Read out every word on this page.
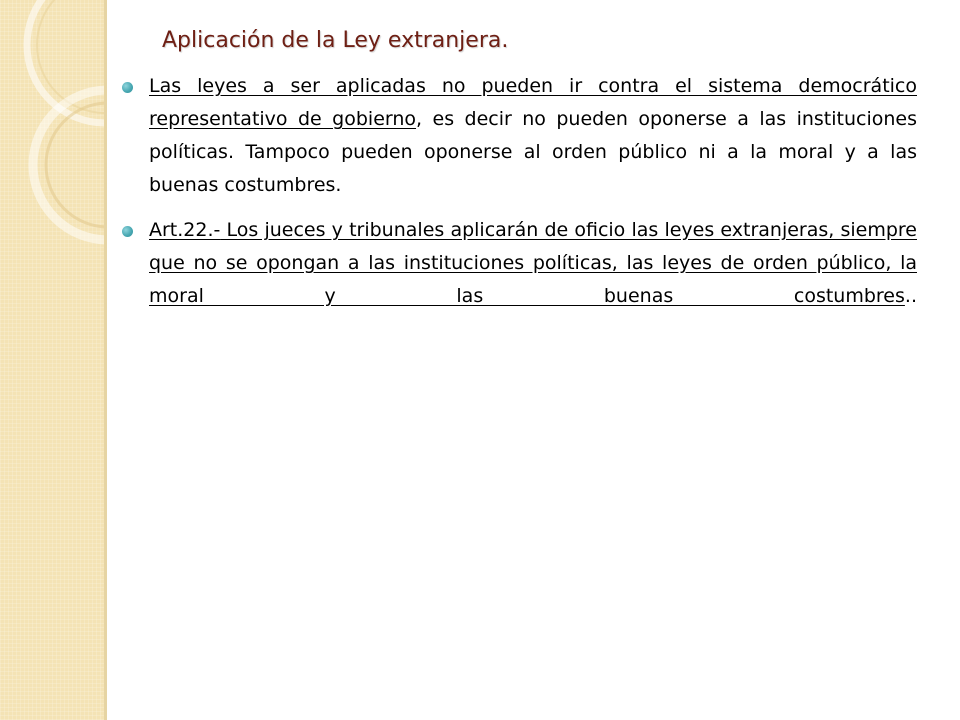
Aplicación de la Ley extranjera.

Las leyes a ser aplicadas no pueden ir contra el sistema democrático representativo de gobierno, es decir no pueden oponerse a las instituciones políticas. Tampoco pueden oponerse al orden público ni a la moral y a las buenas costumbres.

Art.22.- Los jueces y tribunales aplicarán de oficio las leyes extranjeras, siempre que no se opongan a las instituciones políticas, las leyes de orden público, la moral y las buenas costumbres..
